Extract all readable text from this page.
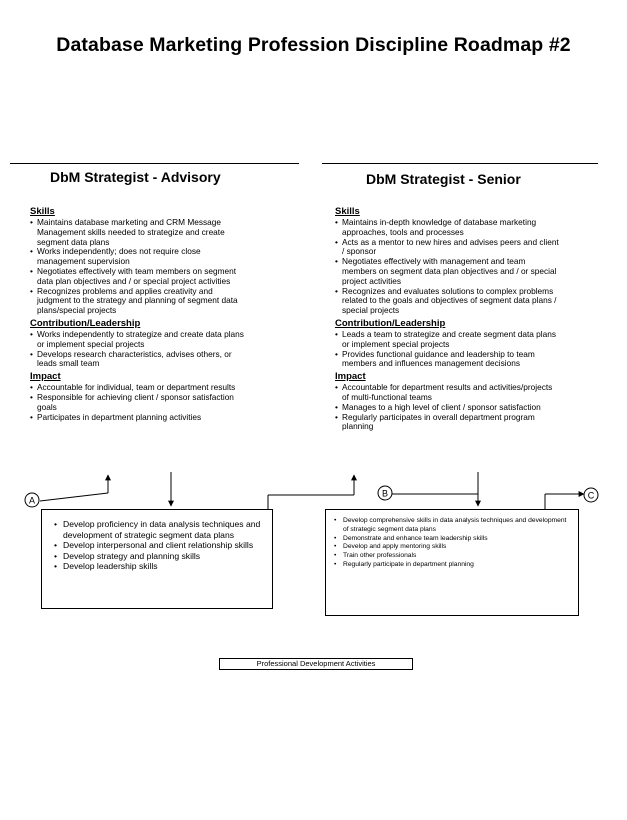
Database Marketing Profession Discipline Roadmap #2
DbM Strategist - Advisory	DbM Strategist - Senior

Skills

• Maintains database marketing and CRM Message Management skills needed to strategize and create segment data plans
• Works independently; does not require close management supervision
• Negotiates effectively with team members on segment data plan objectives and / or special project activities
• Recognizes problems and applies creativity and judgment to the strategy and planning of segment data plans/special projects

Contribution/Leadership

• Works independently to strategize and create data plans or implement special projects
• Develops research characteristics, advises others, or leads small team

Impact

• Accountable for individual, team or department results
• Responsible for achieving client / sponsor satisfaction goals
• Participates in department planning activities

Skills

• Maintains in-depth knowledge of database marketing approaches, tools and processes
• Acts as a mentor to new hires and advises peers and client / sponsor
• Negotiates effectively with management and team members on segment data plan objectives and / or special project activities
• Recognizes and evaluates solutions to complex problems related to the goals and objectives of segment data plans / special projects

Contribution/Leadership

• Leads a team to strategize and create segment data plans or implement special projects
• Provides functional guidance and leadership to team members and influences management decisions

Impact

• Accountable for department results and activities/projects of multi-functional teams
• Manages to a high level of client / sponsor satisfaction
• Regularly participates in overall department program planning
A
B	C
• Develop proficiency in data analysis techniques and development of strategic segment data plans
• Develop interpersonal and client relationship skills
• Develop strategy and planning skills
• Develop leadership skills
• Develop comprehensive skills in data analysis techniques and development of strategic segment data plans
• Demonstrate and enhance team leadership skills
• Develop and apply mentoring skills
• Train other professionals
• Regularly participate in department planning
Professional Development Activities
